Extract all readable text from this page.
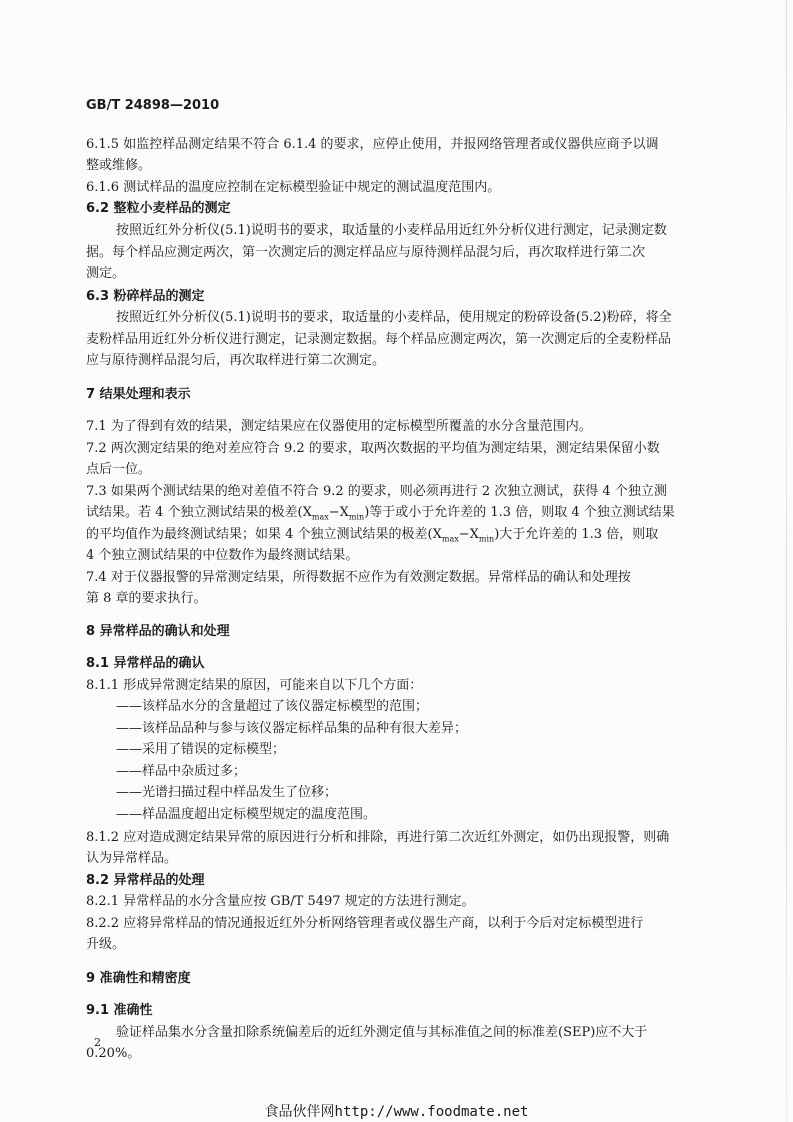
GB/T 24898—2010
6.1.5 如监控样品测定结果不符合 6.1.4 的要求，应停止使用，并报网络管理者或仪器供应商予以调
整或维修。
6.1.6 测试样品的温度应控制在定标模型验证中规定的测试温度范围内。
6.2 整粒小麦样品的测定
按照近红外分析仪(5.1)说明书的要求，取适量的小麦样品用近红外分析仪进行测定，记录测定数
据。每个样品应测定两次，第一次测定后的测定样品应与原待测样品混匀后，再次取样进行第二次
测定。
6.3 粉碎样品的测定
按照近红外分析仪(5.1)说明书的要求，取适量的小麦样品，使用规定的粉碎设备(5.2)粉碎，将全
麦粉样品用近红外分析仪进行测定，记录测定数据。每个样品应测定两次，第一次测定后的全麦粉样品
应与原待测样品混匀后，再次取样进行第二次测定。
7 结果处理和表示
7.1 为了得到有效的结果，测定结果应在仪器使用的定标模型所覆盖的水分含量范围内。
7.2 两次测定结果的绝对差应符合 9.2 的要求，取两次数据的平均值为测定结果，测定结果保留小数
点后一位。
7.3 如果两个测试结果的绝对差值不符合 9.2 的要求，则必须再进行 2 次独立测试，获得 4 个独立测
试结果。若 4 个独立测试结果的极差$(X_{max}-X_{min})$等于或小于允许差的 1.3 倍，则取 4 个独立测试结果
的平均值作为最终测试结果；如果 4 个独立测试结果的极差$(X_{max}-X_{min})$大于允许差的 1.3 倍，则取
4 个独立测试结果的中位数作为最终测试结果。
7.4 对于仪器报警的异常测定结果，所得数据不应作为有效测定数据。异常样品的确认和处理按
第 8 章的要求执行。
8 异常样品的确认和处理
8.1 异常样品的确认
8.1.1 形成异常测定结果的原因，可能来自以下几个方面：
——该样品水分的含量超过了该仪器定标模型的范围；
——该样品品种与参与该仪器定标样品集的品种有很大差异；
——采用了错误的定标模型；
——样品中杂质过多；
——光谱扫描过程中样品发生了位移；
——样品温度超出定标模型规定的温度范围。
8.1.2 应对造成测定结果异常的原因进行分析和排除，再进行第二次近红外测定，如仍出现报警，则确
认为异常样品。
8.2 异常样品的处理
8.2.1 异常样品的水分含量应按 GB/T 5497 规定的方法进行测定。
8.2.2 应将异常样品的情况通报近红外分析网络管理者或仪器生产商，以利于今后对定标模型进行
升级。
9 准确性和精密度
9.1 准确性
验证样品集水分含量扣除系统偏差后的近红外测定值与其标准值之间的标准差(SEP)应不大于
0.20%。
2
食品伙伴网http://www.foodmate.net
